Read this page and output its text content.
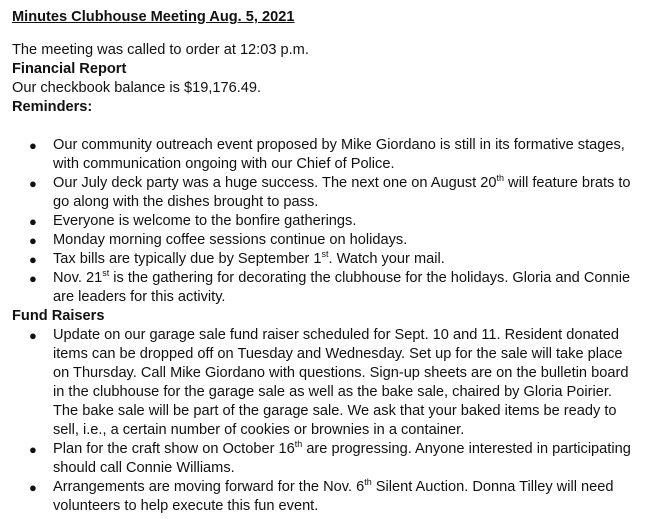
Minutes Clubhouse Meeting Aug. 5, 2021

The meeting was called to order at 12:03 p.m.

Financial Report

Our checkbook balance is $19,176.49.

Reminders:

● Our community outreach event proposed by Mike Giordano is still in its formative stages, with communication ongoing with our Chief of Police.
● Our July deck party was a huge success. The next one on August 20th will feature brats to go along with the dishes brought to pass.
● Everyone is welcome to the bonfire gatherings.
● Monday morning coffee sessions continue on holidays.
● Tax bills are typically due by September 1st. Watch your mail.
● Nov. 21st is the gathering for decorating the clubhouse for the holidays. Gloria and Connie are leaders for this activity.

Fund Raisers

● Update on our garage sale fund raiser scheduled for Sept. 10 and 11. Resident donated items can be dropped off on Tuesday and Wednesday. Set up for the sale will take place on Thursday. Call Mike Giordano with questions. Sign-up sheets are on the bulletin board in the clubhouse for the garage sale as well as the bake sale, chaired by Gloria Poirier. The bake sale will be part of the garage sale. We ask that your baked items be ready to sell, i.e., a certain number of cookies or brownies in a container.
● Plan for the craft show on October 16th are progressing. Anyone interested in participating should call Connie Williams.
● Arrangements are moving forward for the Nov. 6th Silent Auction. Donna Tilley will need volunteers to help execute this fun event.
